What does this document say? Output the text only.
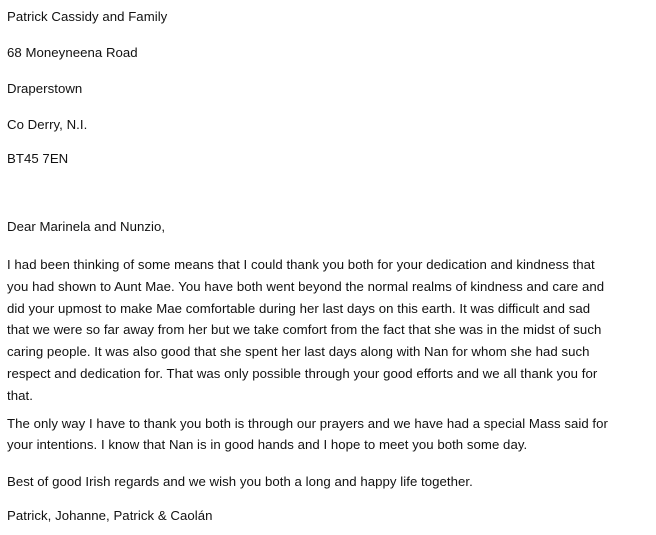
Patrick Cassidy and Family
68 Moneyneena Road
Draperstown
Co Derry, N.I.
BT45 7EN
Dear Marinela and Nunzio,
I had been thinking of some means that I could thank you both for your dedication and kindness that
you had shown to Aunt Mae. You have both went beyond the normal realms of kindness and care and
did your upmost to make Mae comfortable during her last days on this earth. It was difficult and sad
that we were so far away from her but we take comfort from the fact that she was in the midst of such
caring people. It was also good that she spent her last days along with Nan for whom she had such
respect and dedication for. That was only possible through your good efforts and we all thank you for
that.
The only way I have to thank you both is through our prayers and we have had a special Mass said for
your intentions. I know that Nan is in good hands and I hope to meet you both some day.
Best of good Irish regards and we wish you both a long and happy life together.
Patrick, Johanne, Patrick & Caolán
